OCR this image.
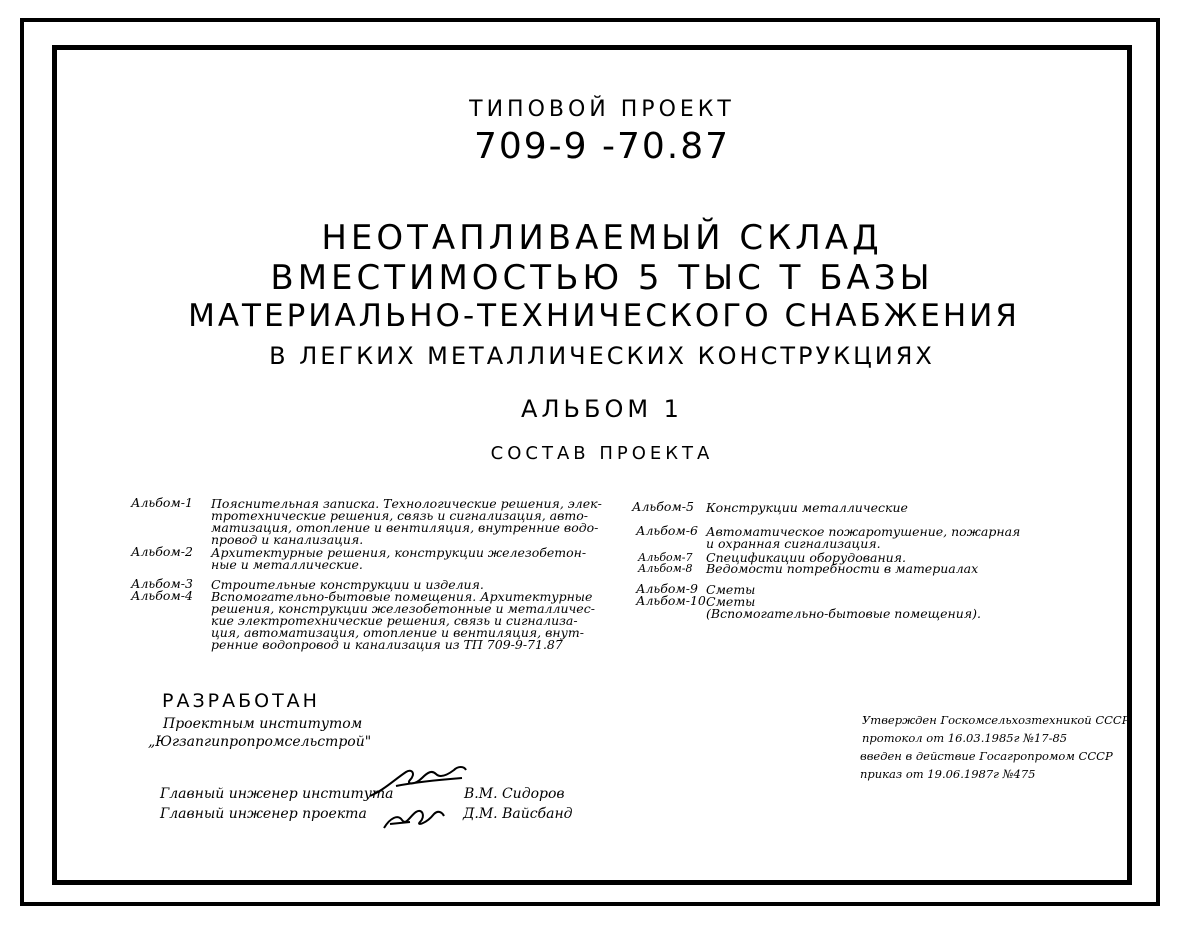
ТИПОВОЙ ПРОЕКТ
709-9 -70.87
НЕОТАПЛИВАЕМЫЙ СКЛАД
ВМЕСТИМОСТЬЮ 5 ТЫС Т БАЗЫ
МАТЕРИАЛЬНО-ТЕХНИЧЕСКОГО СНАБЖЕНИЯ
В ЛЕГКИХ МЕТАЛЛИЧЕСКИХ КОНСТРУКЦИЯХ
АЛЬБОМ 1
СОСТАВ ПРОЕКТА
Альбом-1 Пояснительная записка. Технологические решения, элек-
тротехнические решения, связь и сигнализация, авто-
матизация, отопление и вентиляция, внутренние водо-
провод и канализация.
Альбом-2 Архитектурные решения, конструкции железобетон-
ные и металлические.
Альбом-3 Строительные конструкции и изделия.
Альбом-4 Вспомогательно-бытовые помещения. Архитектурные
решения, конструкции железобетонные и металличес-
кие электротехнические решения, связь и сигнализа-
ция, автоматизация, отопление и вентиляция, внут-
ренние водопровод и канализация из ТП 709-9-71.87
Альбом-5 Конструкции металлические
Альбом-6 Автоматическое пожаротушение, пожарная
и охранная сигнализация.
Альбом-7 Спецификации оборудования.
Альбом-8 Ведомости потребности в материалах
Альбом-9 Сметы
Альбом-10 Сметы
(Вспомогательно-бытовые помещения).
РАЗРАБОТАН
Проектным институтом
„Югзапгипропромсельстрой"
Главный инженер института	В.М. Сидоров
Главный инженер проекта	Д.М. Вайсбанд
Утвержден Госкомсельхозтехникой СССР
протокол от 16.03.1985г №17-85
введен в действие Госагропромом СССР
приказ от 19.06.1987г №475
